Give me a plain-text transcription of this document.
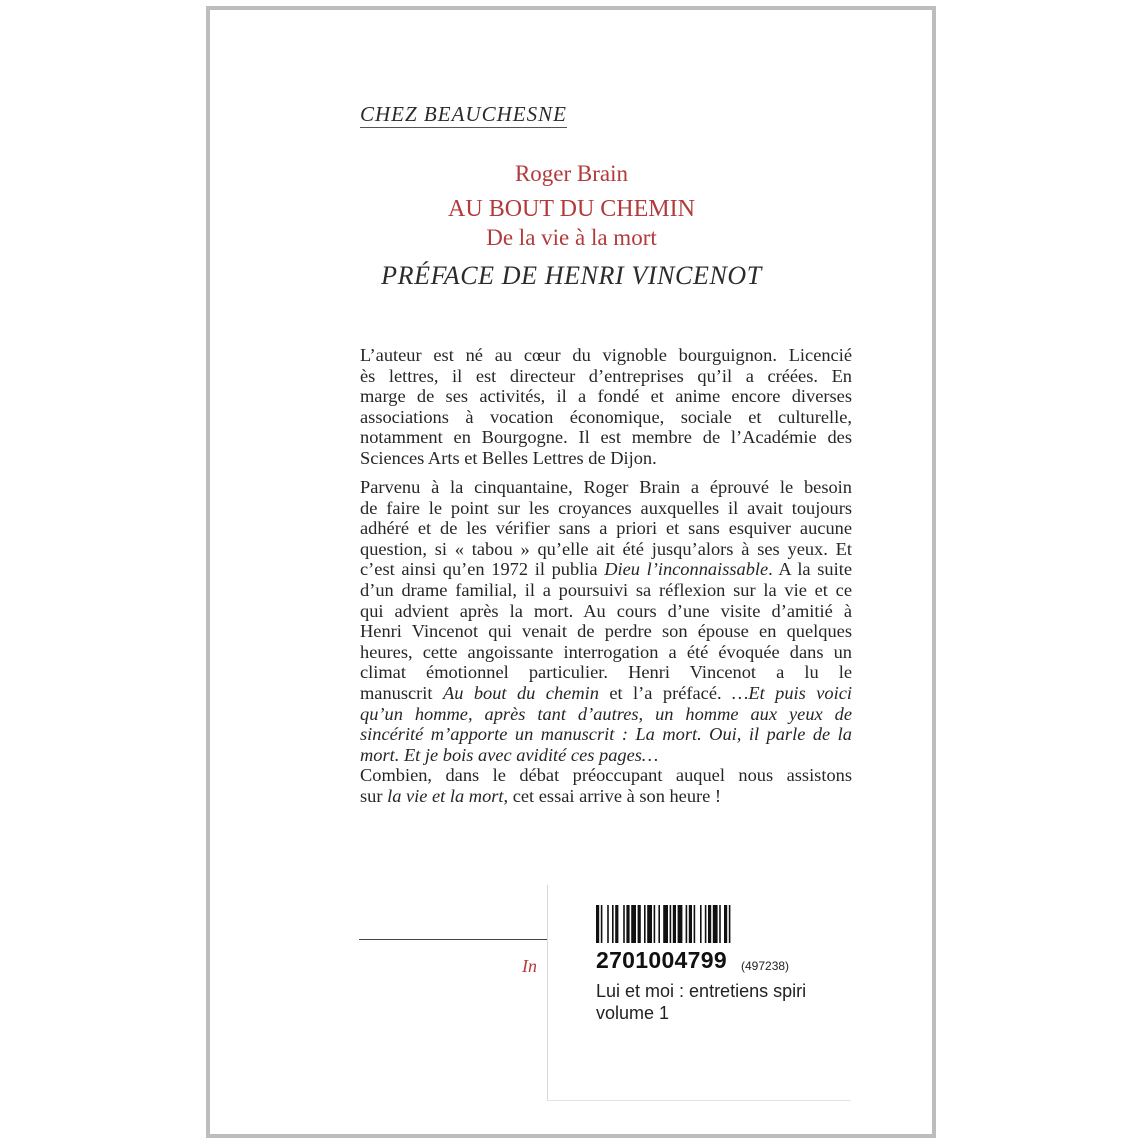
CHEZ BEAUCHESNE
Roger Brain
AU BOUT DU CHEMIN
De la vie à la mort
PRÉFACE DE HENRI VINCENOT
L’auteur est né au cœur du vignoble bourguignon. Licencié
ès lettres, il est directeur d’entreprises qu’il a créées. En
marge de ses activités, il a fondé et anime encore diverses
associations à vocation économique, sociale et culturelle,
notamment en Bourgogne. Il est membre de l’Académie des
Sciences Arts et Belles Lettres de Dijon.
Parvenu à la cinquantaine, Roger Brain a éprouvé le besoin
de faire le point sur les croyances auxquelles il avait toujours
adhéré et de les vérifier sans a priori et sans esquiver aucune
question, si « tabou » qu’elle ait été jusqu’alors à ses yeux. Et
c’est ainsi qu’en 1972 il publia Dieu l’inconnaissable. A la suite
d’un drame familial, il a poursuivi sa réflexion sur la vie et ce
qui advient après la mort. Au cours d’une visite d’amitié à
Henri Vincenot qui venait de perdre son épouse en quelques
heures, cette angoissante interrogation a été évoquée dans un
climat émotionnel particulier. Henri Vincenot a lu le
manuscrit Au bout du chemin et l’a préfacé. …Et puis voici
qu’un homme, après tant d’autres, un homme aux yeux de
sincérité m’apporte un manuscrit : La mort. Oui, il parle de la
mort. Et je bois avec avidité ces pages…
Combien, dans le débat préoccupant auquel nous assistons
sur la vie et la mort, cet essai arrive à son heure !
In	2701004799 (497238)
Lui et moi : entretiens spiri
volume 1
